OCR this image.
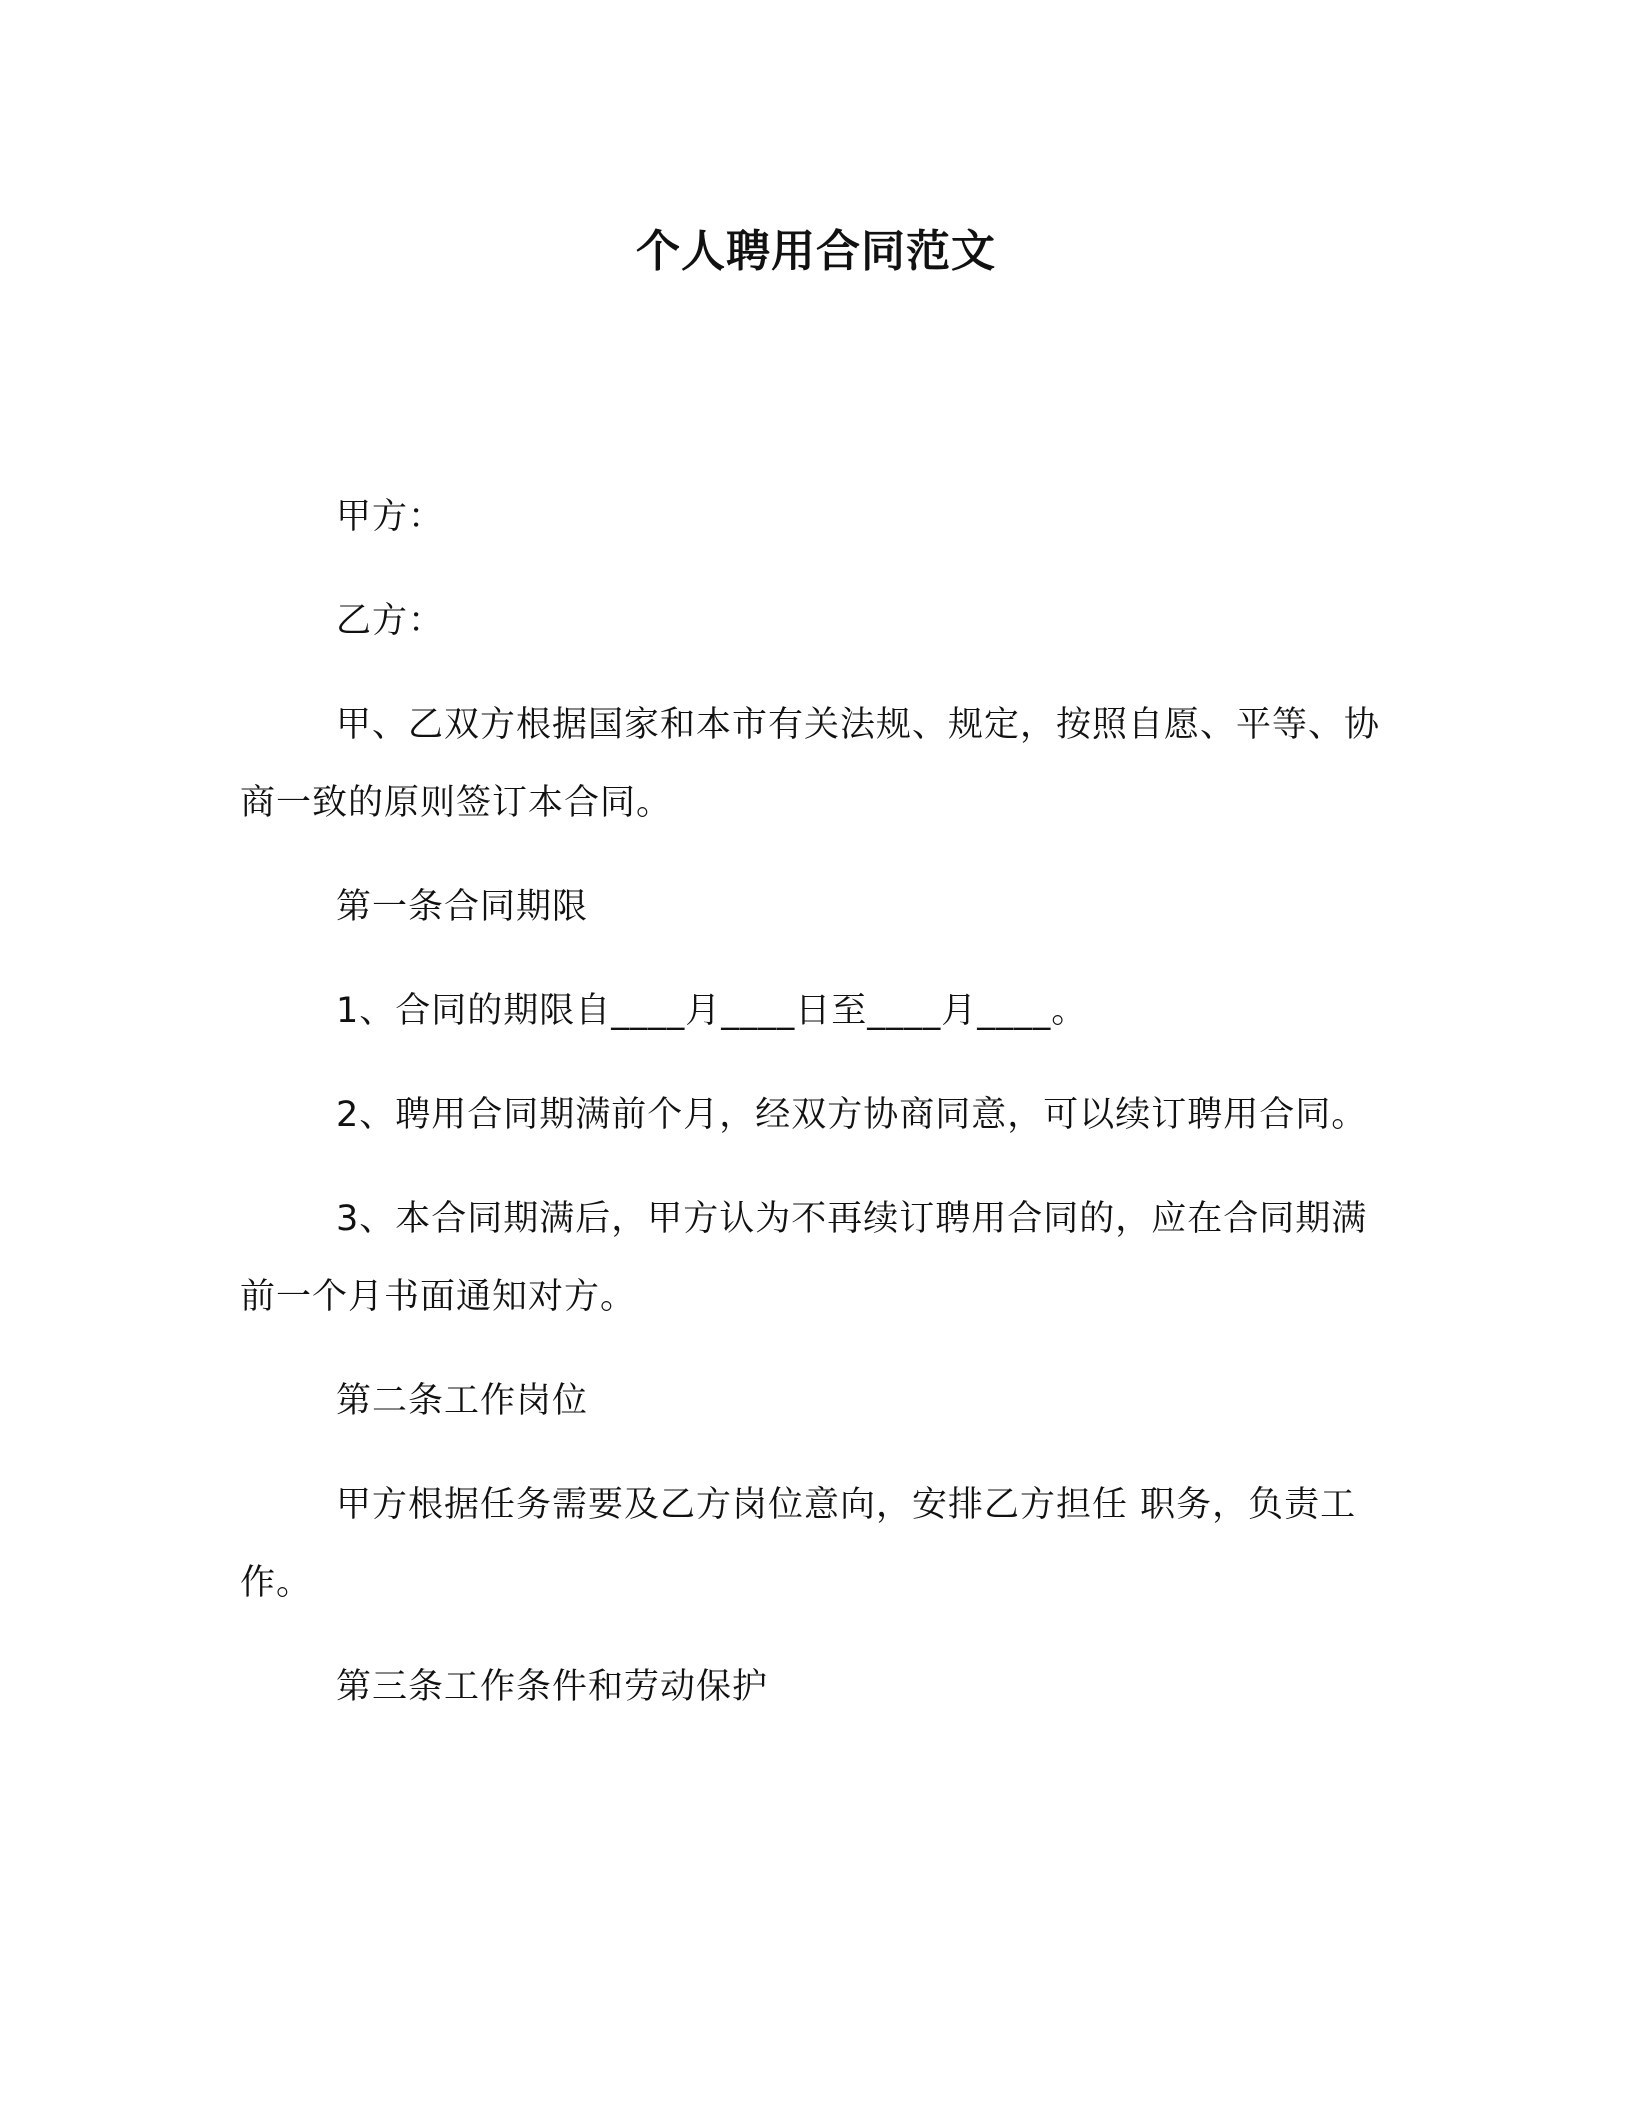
个人聘用合同范文

甲方：

乙方：

甲、乙双方根据国家和本市有关法规、规定，按照自愿、平等、协商一致的原则签订本合同。

第一条合同期限

1、合同的期限自____月____日至____月____。

2、聘用合同期满前个月，经双方协商同意，可以续订聘用合同。

3、本合同期满后，甲方认为不再续订聘用合同的，应在合同期满前一个月书面通知对方。

第二条工作岗位

甲方根据任务需要及乙方岗位意向，安排乙方担任 职务，负责工作。

第三条工作条件和劳动保护
